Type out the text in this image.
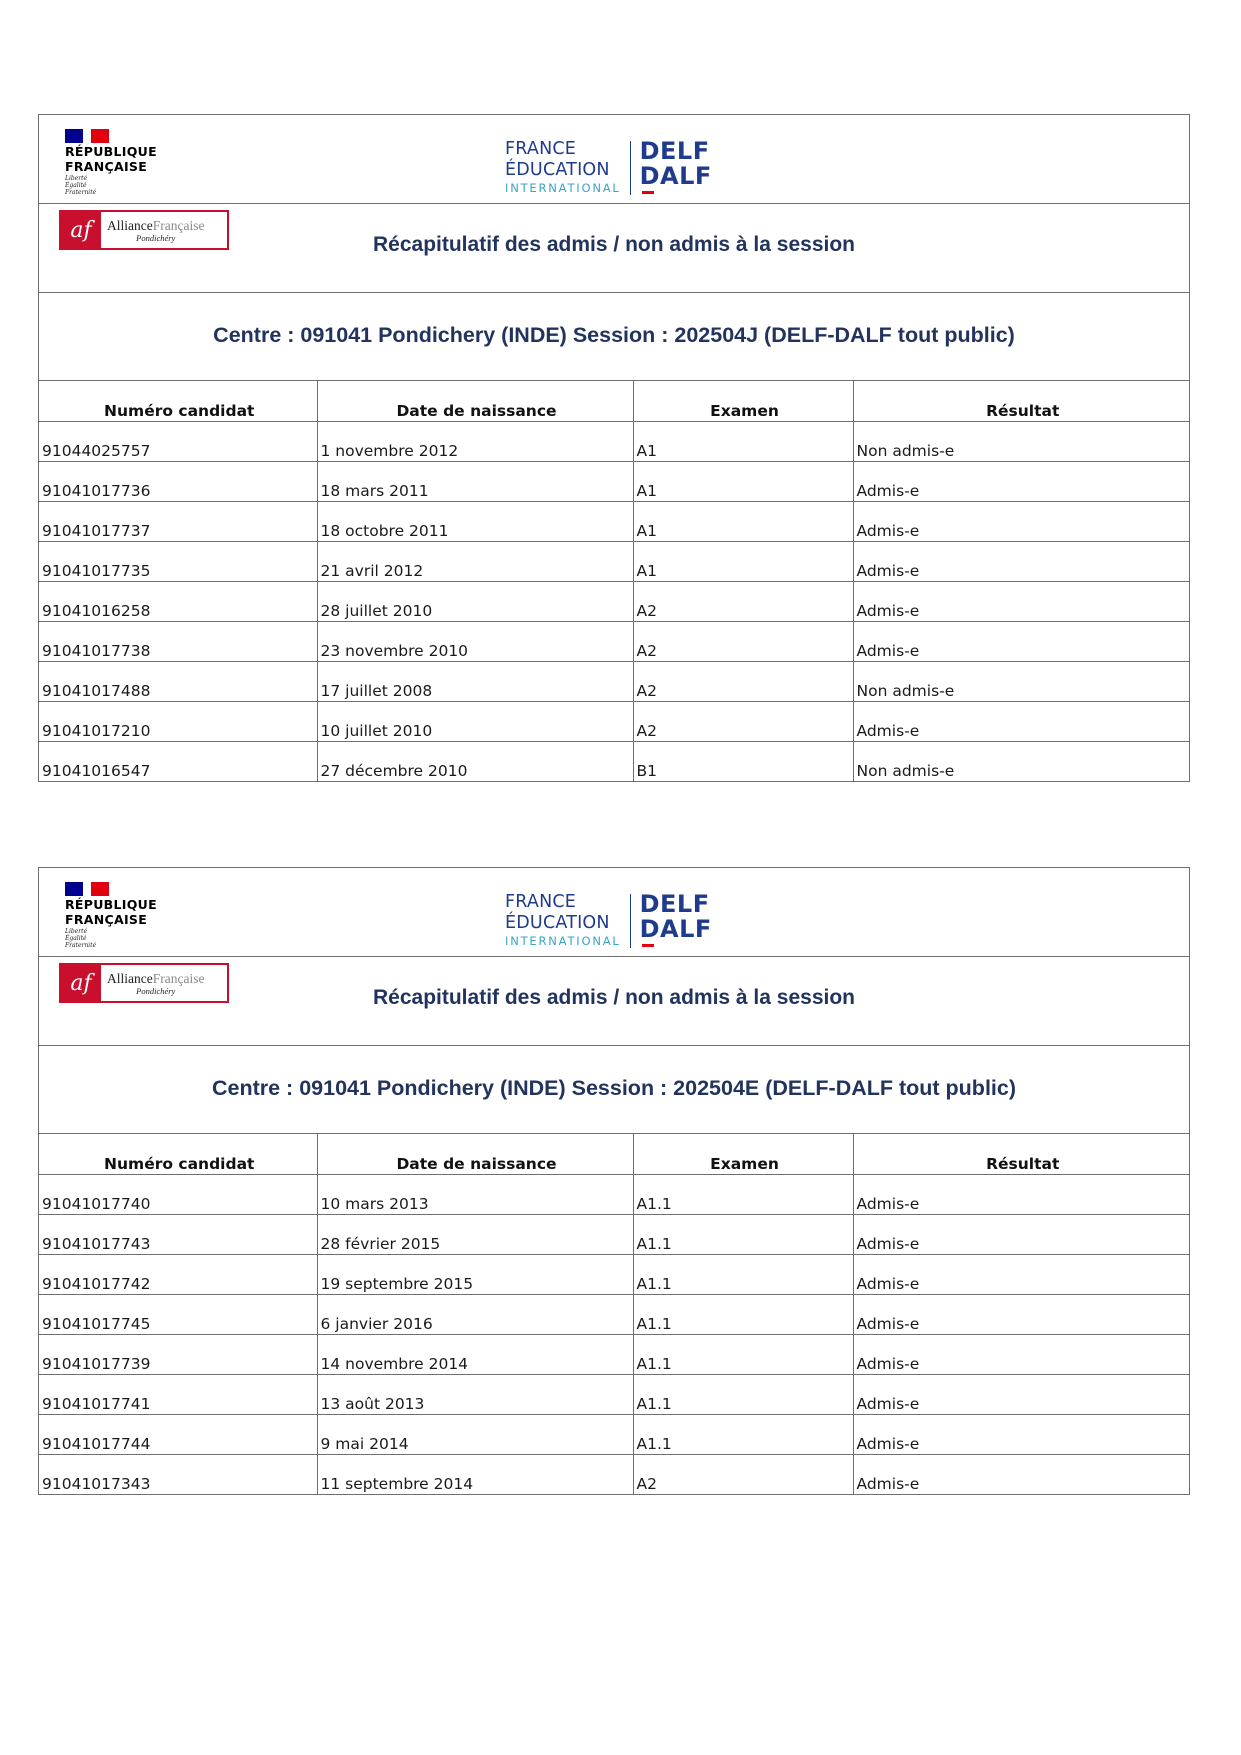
RÉPUBLIQUE
FRANÇAISE
Liberté
Égalité
Fraternité
FRANCE
ÉDUCATION
INTERNATIONAL
DELF
DALF
af	AllianceFrançaise
Pondichéry	Récapitulatif des admis / non admis à la session
Centre : 091041 Pondichery (INDE) Session : 202504J (DELF-DALF tout public)
Numéro candidat	Date de naissance	Examen	Résultat
91044025757	1 novembre 2012	A1	Non admis-e
91041017736	18 mars 2011	A1	Admis-e
91041017737	18 octobre 2011	A1	Admis-e
91041017735	21 avril 2012	A1	Admis-e
91041016258	28 juillet 2010	A2	Admis-e
91041017738	23 novembre 2010	A2	Admis-e
91041017488	17 juillet 2008	A2	Non admis-e
91041017210	10 juillet 2010	A2	Admis-e
91041016547	27 décembre 2010	B1	Non admis-e
RÉPUBLIQUE
FRANÇAISE
Liberté
Égalité
Fraternité
FRANCE
ÉDUCATION
INTERNATIONAL
DELF
DALF
af	AllianceFrançaise
Pondichéry	Récapitulatif des admis / non admis à la session
Centre : 091041 Pondichery (INDE) Session : 202504E (DELF-DALF tout public)
Numéro candidat	Date de naissance	Examen	Résultat
91041017740	10 mars 2013	A1.1	Admis-e
91041017743	28 février 2015	A1.1	Admis-e
91041017742	19 septembre 2015	A1.1	Admis-e
91041017745	6 janvier 2016	A1.1	Admis-e
91041017739	14 novembre 2014	A1.1	Admis-e
91041017741	13 août 2013	A1.1	Admis-e
91041017744	9 mai 2014	A1.1	Admis-e
91041017343	11 septembre 2014	A2	Admis-e
